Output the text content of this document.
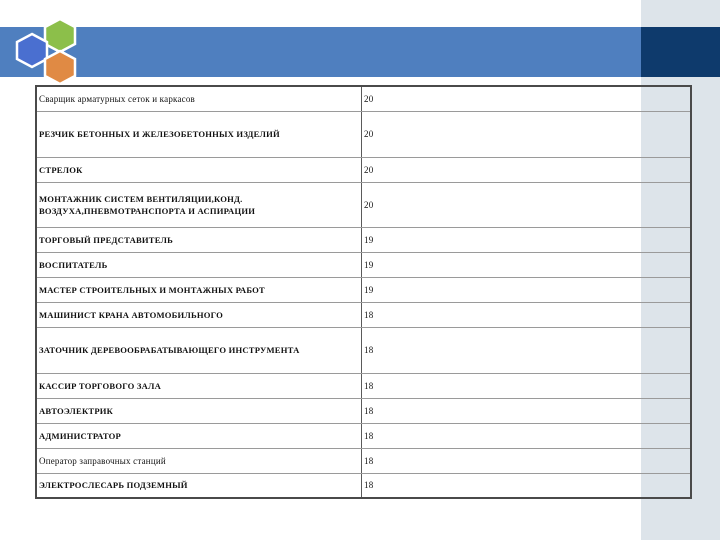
Сварщик арматурных сеток и каркасов	20
РЕЗЧИК БЕТОННЫХ И ЖЕЛЕЗОБЕТОННЫХ ИЗДЕЛИЙ	20
СТРЕЛОК	20
МОНТАЖНИК СИСТЕМ ВЕНТИЛЯЦИИ,КОНД. ВОЗДУХА,ПНЕВМОТРАНСПОРТА И АСПИРАЦИИ	20
ТОРГОВЫЙ ПРЕДСТАВИТЕЛЬ	19
ВОСПИТАТЕЛЬ	19
МАСТЕР СТРОИТЕЛЬНЫХ И МОНТАЖНЫХ РАБОТ	19
МАШИНИСТ КРАНА АВТОМОБИЛЬНОГО	18
ЗАТОЧНИК ДЕРЕВООБРАБАТЫВАЮЩЕГО ИНСТРУМЕНТА	18
КАССИР ТОРГОВОГО ЗАЛА	18
АВТОЭЛЕКТРИК	18
АДМИНИСТРАТОР	18
Оператор заправочных станций	18
ЭЛЕКТРОСЛЕСАРЬ ПОДЗЕМНЫЙ	18
